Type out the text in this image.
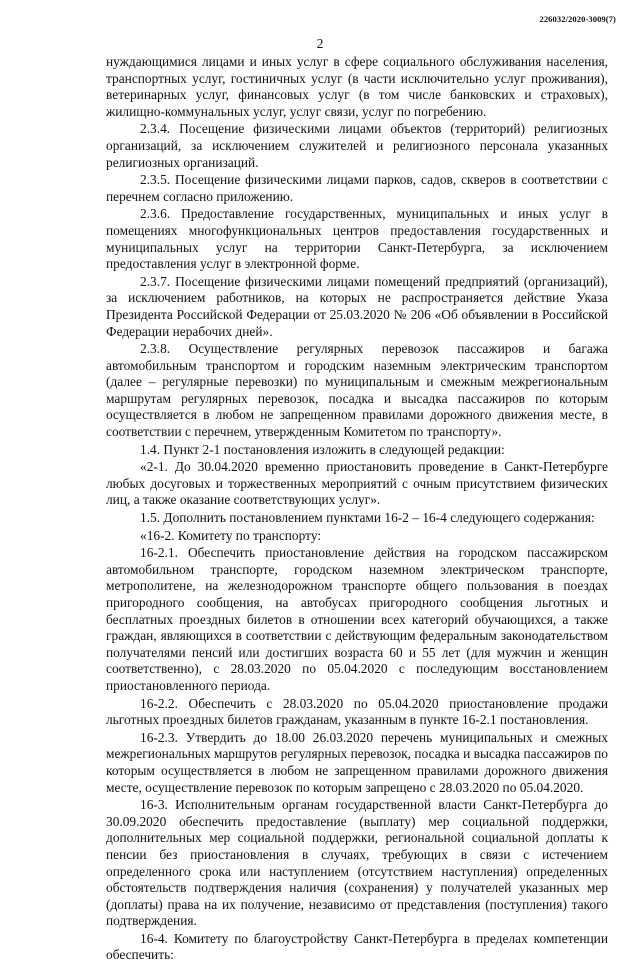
226032/2020-3009(7)
2

нуждающимися лицами и иных услуг в сфере социального обслуживания населения, транспортных услуг, гостиничных услуг (в части исключительно услуг проживания), ветеринарных услуг, финансовых услуг (в том числе банковских и страховых), жилищно-коммунальных услуг, услуг связи, услуг по погребению.

2.3.4. Посещение физическими лицами объектов (территорий) религиозных организаций, за исключением служителей и религиозного персонала указанных религиозных организаций.

2.3.5. Посещение физическими лицами парков, садов, скверов в соответствии с перечнем согласно приложению.

2.3.6. Предоставление государственных, муниципальных и иных услуг в помещениях многофункциональных центров предоставления государственных и муниципальных услуг на территории Санкт-Петербурга, за исключением предоставления услуг в электронной форме.

2.3.7. Посещение физическими лицами помещений предприятий (организаций), за исключением работников, на которых не распространяется действие Указа Президента Российской Федерации от 25.03.2020 № 206 «Об объявлении в Российской Федерации нерабочих дней».

2.3.8. Осуществление регулярных перевозок пассажиров и багажа автомобильным транспортом и городским наземным электрическим транспортом (далее – регулярные перевозки) по муниципальным и смежным межрегиональным маршрутам регулярных перевозок, посадка и высадка пассажиров по которым осуществляется в любом не запрещенном правилами дорожного движения месте, в соответствии с перечнем, утвержденным Комитетом по транспорту».

1.4. Пункт 2-1 постановления изложить в следующей редакции:

«2-1. До 30.04.2020 временно приостановить проведение в Санкт-Петербурге любых досуговых и торжественных мероприятий с очным присутствием физических лиц, а также оказание соответствующих услуг».

1.5. Дополнить постановлением пунктами 16-2 – 16-4 следующего содержания:

«16-2. Комитету по транспорту:

16-2.1. Обеспечить приостановление действия на городском пассажирском автомобильном транспорте, городском наземном электрическом транспорте, метрополитене, на железнодорожном транспорте общего пользования в поездах пригородного сообщения, на автобусах пригородного сообщения льготных и бесплатных проездных билетов в отношении всех категорий обучающихся, а также граждан, являющихся в соответствии с действующим федеральным законодательством получателями пенсий или достигших возраста 60 и 55 лет (для мужчин и женщин соответственно), с 28.03.2020 по 05.04.2020 с последующим восстановлением приостановленного периода.

16-2.2. Обеспечить с 28.03.2020 по 05.04.2020 приостановление продажи льготных проездных билетов гражданам, указанным в пункте 16-2.1 постановления.

16-2.3. Утвердить до 18.00 26.03.2020 перечень муниципальных и смежных межрегиональных маршрутов регулярных перевозок, посадка и высадка пассажиров по которым осуществляется в любом не запрещенном правилами дорожного движения месте, осуществление перевозок по которым запрещено с 28.03.2020 по 05.04.2020.

16-3. Исполнительным органам государственной власти Санкт-Петербурга до 30.09.2020 обеспечить предоставление (выплату) мер социальной поддержки, дополнительных мер социальной поддержки, региональной социальной доплаты к пенсии без приостановления в случаях, требующих в связи с истечением определенного срока или наступлением (отсутствием наступления) определенных обстоятельств подтверждения наличия (сохранения) у получателей указанных мер (доплаты) права на их получение, независимо от представления (поступления) такого подтверждения.

16-4. Комитету по благоустройству Санкт-Петербурга в пределах компетенции обеспечить:
